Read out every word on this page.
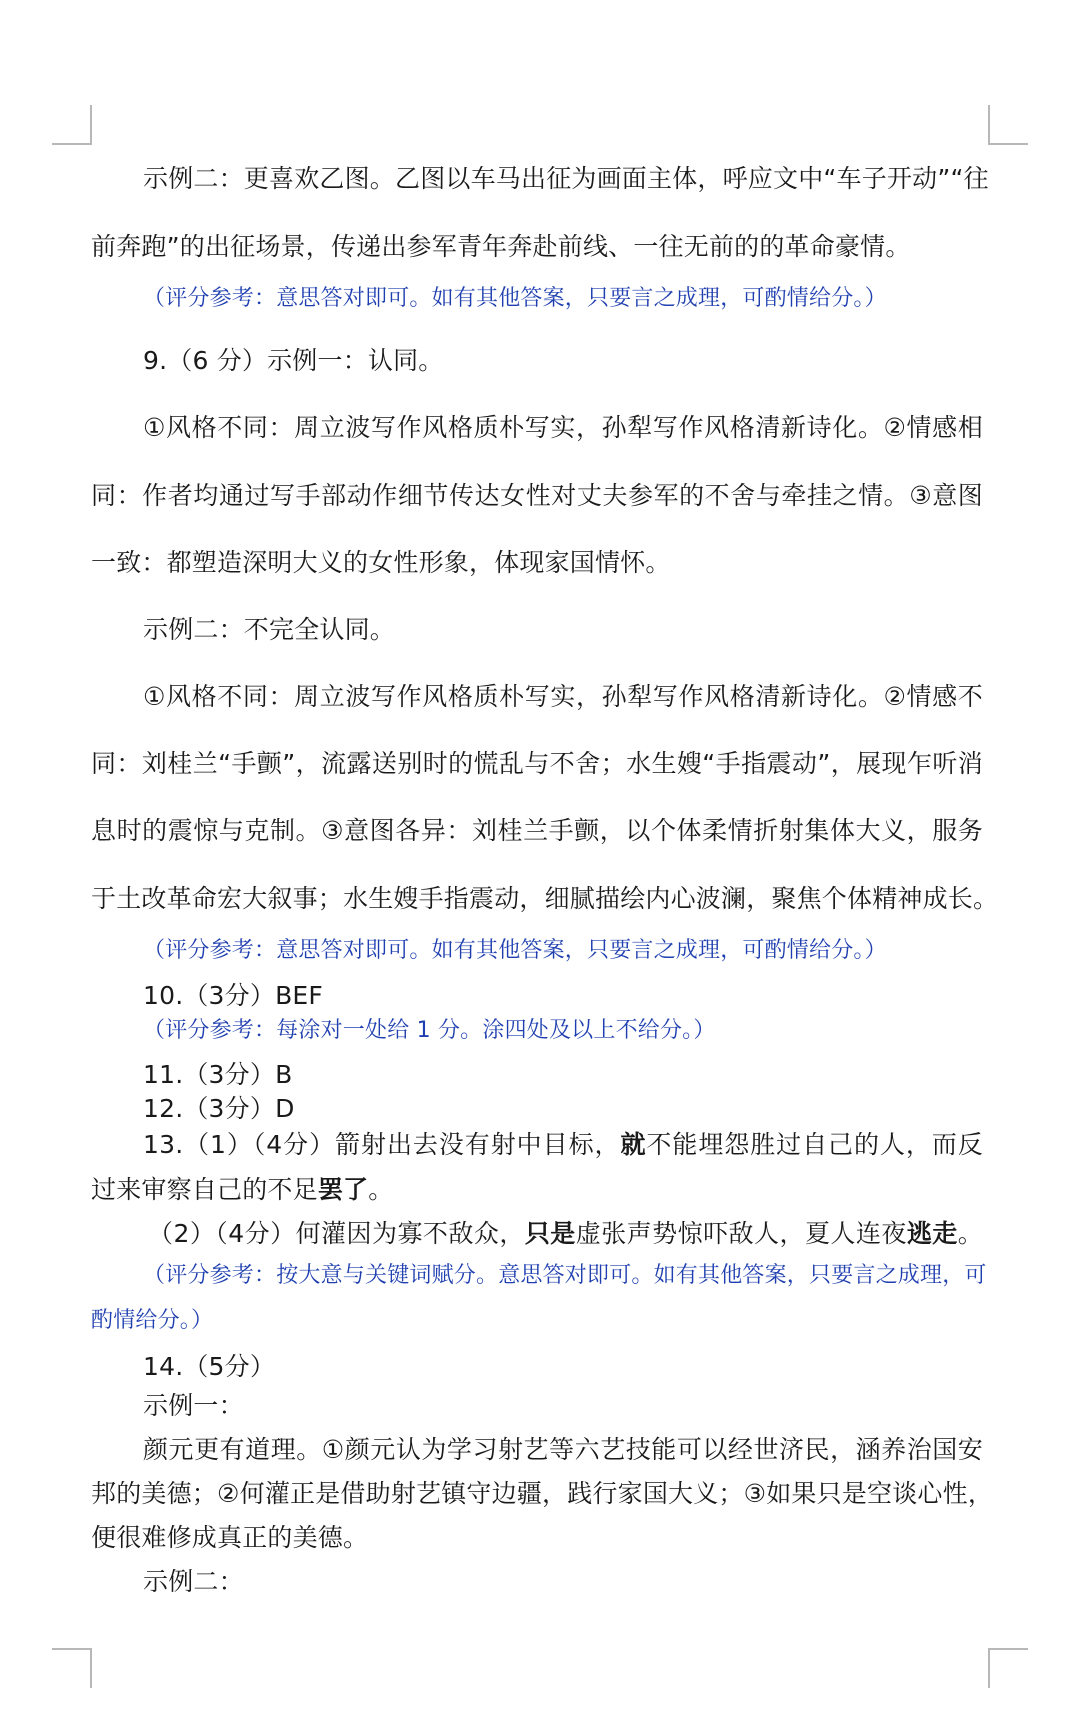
示例二：更喜欢乙图。乙图以车马出征为画面主体，呼应文中“车子开动”“往
前奔跑”的出征场景，传递出参军青年奔赴前线、一往无前的的革命豪情。
（评分参考：意思答对即可。如有其他答案，只要言之成理，可酌情给分。）
9.（6 分）示例一：认同。
①风格不同：周立波写作风格质朴写实，孙犁写作风格清新诗化。②情感相
同：作者均通过写手部动作细节传达女性对丈夫参军的不舍与牵挂之情。③意图
一致：都塑造深明大义的女性形象，体现家国情怀。
示例二：不完全认同。
①风格不同：周立波写作风格质朴写实，孙犁写作风格清新诗化。②情感不
同：刘桂兰“手颤”，流露送别时的慌乱与不舍；水生嫂“手指震动”，展现乍听消
息时的震惊与克制。③意图各异：刘桂兰手颤，以个体柔情折射集体大义，服务
于土改革命宏大叙事；水生嫂手指震动，细腻描绘内心波澜，聚焦个体精神成长。
（评分参考：意思答对即可。如有其他答案，只要言之成理，可酌情给分。）
10.（3分）BEF
（评分参考：每涂对一处给 1 分。涂四处及以上不给分。）
11.（3分）B
12.（3分）D
13.（1）（4分）箭射出去没有射中目标，就不能埋怨胜过自己的人，而反
过来审察自己的不足罢了。
（2）（4分）何灌因为寡不敌众，只是虚张声势惊吓敌人，夏人连夜逃走。
（评分参考：按大意与关键词赋分。意思答对即可。如有其他答案，只要言之成理，可
酌情给分。）
14.（5分）
示例一：
颜元更有道理。①颜元认为学习射艺等六艺技能可以经世济民，涵养治国安
邦的美德；②何灌正是借助射艺镇守边疆，践行家国大义；③如果只是空谈心性，
便很难修成真正的美德。
示例二：
